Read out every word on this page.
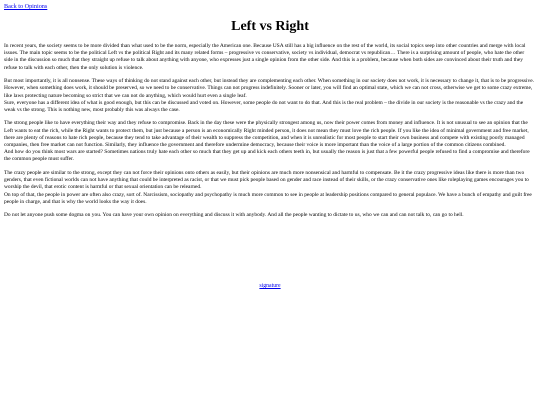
Back to Opinions
Left vs Right

In recent years, the society seems to be more divided than what used to be the norm, especially the American one. Because USA still has a big influence on the rest of the world, its social topics seep into other countries and merge with local issues. The main topic seems to be the political Left vs the political Right and its many related forms – progressive vs conservative, society vs individual, democrat vs republican… There is a surprising amount of people, who hate the other side in the discussion so much that they straight up refuse to talk about anything with anyone, who expresses just a single opinion from the other side. And this is a problem, because when both sides are convinced about their truth and they refuse to talk with each other, then the only solution is violence.

But most importantly, it is all nonsense. These ways of thinking do not stand against each other, but instead they are complementing each other. When something in our society does not work, it is necessary to change it, that is to be progressive. However, when something does work, it should be preserved, so we need to be conservative. Things can not progress indefinitely. Sooner or later, you will find an optimal state, which we can not cross, otherwise we get to some crazy extreme, like laws protecting nature becoming so strict that we can not do anything, which would hurt even a single leaf.
Sure, everyone has a different idea of what is good enough, but this can be discussed and voted on. However, some people do not want to do that. And this is the real problem – the divide in our society is the reasonable vs the crazy and the weak vs the strong. This is nothing new, most probably this was always the case.

The strong people like to have everything their way and they refuse to compromise. Back in the day these were the physically strongest among us, now their power comes from money and influence. It is not unusual to see an opinion that the Left wants to eat the rich, while the Right wants to protect them, but just because a person is an economically Right minded person, it does not mean they must love the rich people. If you like the idea of minimal government and free market, there are plenty of reasons to hate rich people, because they tend to take advantage of their wealth to suppress the competition, and when it is unrealistic for most people to start their own business and compete with existing poorly managed companies, then free market can not function. Similarly, they influence the government and therefore undermine democracy, because their voice is more important than the voice of a large portion of the common citizens combined.
And how do you think most wars are started? Sometimes nations truly hate each other so much that they get up and kick each others teeth in, but usually the reason is just that a few powerful people refused to find a compromise and therefore the common people must suffer.

The crazy people are similar to the strong, except they can not force their opinions onto others as easily, but their opinions are much more nonsensical and harmful to compensate. Be it the crazy progressive ideas like there is more than two genders, that even fictional worlds can not have anything that could be interpreted as racist, or that we must pick people based on gender and race instead of their skills, or the crazy conservative ones like roleplaying games encourages you to worship the devil, that erotic content is harmful or that sexual orientation can be relearned.
On top of that, the people in power are often also crazy, sort of. Narcissism, sociopathy and psychopathy is much more common to see in people at leadership positions compared to general populace. We have a bunch of empathy and guilt free people in charge, and that is why the world looks the way it does.

Do not let anyone push some dogma on you. You can have your own opinion on everything and discuss it with anybody. And all the people wanting to dictate to us, who we can and can not talk to, can go to hell.

signature
